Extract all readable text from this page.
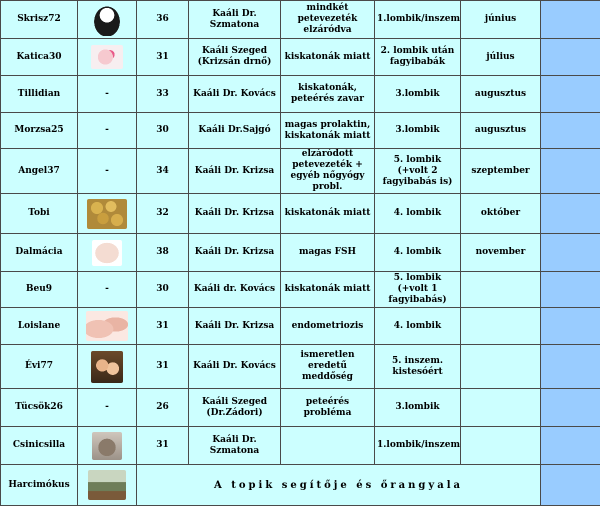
Skrisz72		36	Kaáli Dr. Szmatona	mindkét petevezeték elzáródva	1.lombik/inszem	június	
Katica30		31	Kaáli Szeged (Krizsán drnő)	kiskatonák miatt	2. lombik után fagyibabák	július	
Tillidian	-	33	Kaáli Dr. Kovács	kiskatonák, peteérés zavar	3.lombik	augusztus	
Morzsa25	-	30	Kaáli Dr.Sajgó	magas prolaktin, kiskatonák miatt	3.lombik	augusztus	
Angel37	-	34	Kaáli Dr. Krizsa	elzáródott petevezeték + egyéb nőgyógy probl.	5. lombik (+volt 2 fagyibabás is)	szeptember	
Tobi		32	Kaáli Dr. Krizsa	kiskatonák miatt	4. lombik	október	
Dalmácia		38	Kaáli Dr. Krizsa	magas FSH	4. lombik	november	
Beu9	-	30	Kaáli dr. Kovács	kiskatonák miatt	5. lombik (+volt 1 fagyibabás)		
Loislane		31	Kaáli Dr. Krizsa	endometriozis	4. lombik		
Évi77		31	Kaáli Dr. Kovács	ismeretlen eredetű meddőség	5. inszem. kistesóért		
Tücsök26	-	26	Kaáli Szeged (Dr.Zádori)	peteérés probléma	3.lombik		
Csinicsilla		31	Kaáli Dr. Szmatona		1.lombik/inszem		
Harcimókus		A topik segítője és őrangyala					
